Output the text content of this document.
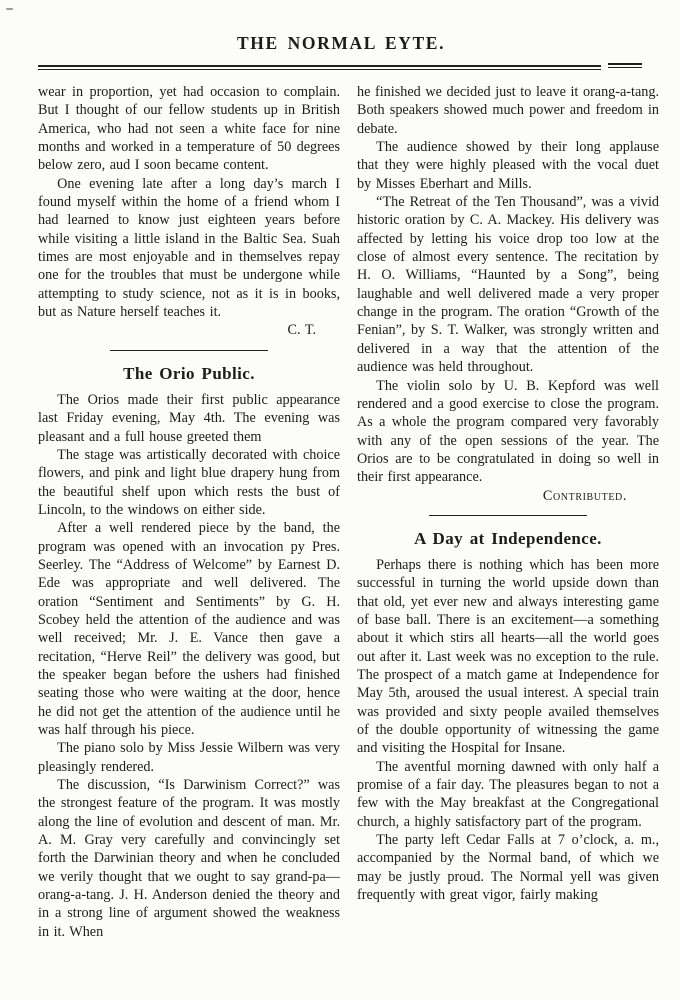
THE NORMAL EYTE.

wear in proportion, yet had occasion to complain. But I thought of our fellow students up in British America, who had not seen a white face for nine months and worked in a temperature of 50 degrees below zero, aud I soon became content.

One evening late after a long day’s march I found myself within the home of a friend whom I had learned to know just eighteen years before while visiting a little island in the Baltic Sea. Suah times are most enjoyable and in themselves repay one for the troubles that must be undergone while attempting to study science, not as it is in books, but as Nature herself teaches it.

C. T.

The Orio Public.

The Orios made their first public appearance last Friday evening, May 4th. The evening was pleasant and a full house greeted them

The stage was artistically decorated with choice flowers, and pink and light blue drapery hung from the beautiful shelf upon which rests the bust of Lincoln, to the windows on either side.

After a well rendered piece by the band, the program was opened with an invocation py Pres. Seerley. The “Address of Welcome” by Earnest D. Ede was appropriate and well delivered. The oration “Sentiment and Sentiments” by G. H. Scobey held the attention of the audience and was well received; Mr. J. E. Vance then gave a recitation, “Herve Reil” the delivery was good, but the speaker began before the ushers had finished seating those who were waiting at the door, hence he did not get the attention of the audience until he was half through his piece.

The piano solo by Miss Jessie Wilbern was very pleasingly rendered.

The discussion, “Is Darwinism Correct?” was the strongest feature of the program. It was mostly along the line of evolution and descent of man. Mr. A. M. Gray very carefully and convincingly set forth the Darwinian theory and when he concluded we verily thought that we ought to say grand-pa—orang-a-tang. J. H. Anderson denied the theory and in a strong line of argument showed the weakness in it. When

he finished we decided just to leave it orang-a-tang. Both speakers showed much power and freedom in debate.

The audience showed by their long applause that they were highly pleased with the vocal duet by Misses Eberhart and Mills.

“The Retreat of the Ten Thousand”, was a vivid historic oration by C. A. Mackey. His delivery was affected by letting his voice drop too low at the close of almost every sentence. The recitation by H. O. Williams, “Haunted by a Song”, being laughable and well delivered made a very proper change in the program. The oration “Growth of the Fenian”, by S. T. Walker, was strongly written and delivered in a way that the attention of the audience was held throughout.

The violin solo by U. B. Kepford was well rendered and a good exercise to close the program. As a whole the program compared very favorably with any of the open sessions of the year. The Orios are to be congratulated in doing so well in their first appearance.

Contributed.

A Day at Independence.

Perhaps there is nothing which has been more successful in turning the world upside down than that old, yet ever new and always interesting game of base ball. There is an excitement—a something about it which stirs all hearts—all the world goes out after it. Last week was no exception to the rule. The prospect of a match game at Independence for May 5th, aroused the usual interest. A special train was provided and sixty people availed themselves of the double opportunity of witnessing the game and visiting the Hospital for Insane.

The aventful morning dawned with only half a promise of a fair day. The pleasures began to not a few with the May breakfast at the Congregational church, a highly satisfactory part of the program.

The party left Cedar Falls at 7 o’clock, a. m., accompanied by the Normal band, of which we may be justly proud. The Normal yell was given frequently with great vigor, fairly making
